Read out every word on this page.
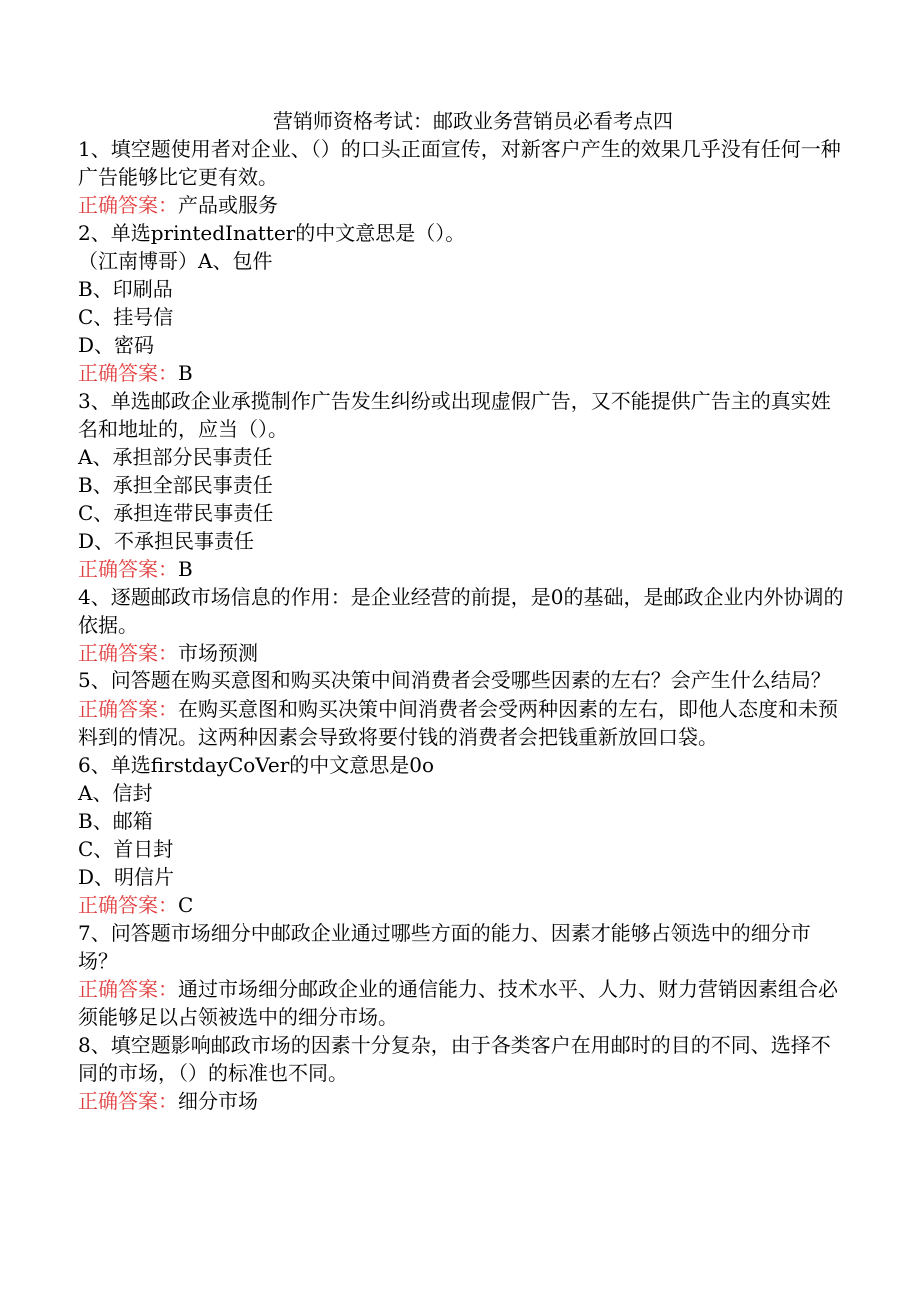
营销师资格考试：邮政业务营销员必看考点四
1、填空题使用者对企业、（）的口头正面宣传，对新客户产生的效果几乎没有任何一种广告能够比它更有效。
正确答案：产品或服务
2、单选printedInatter的中文意思是（）。
（江南博哥）A、包件
B、印刷品
C、挂号信
D、密码
正确答案：B
3、单选邮政企业承揽制作广告发生纠纷或出现虚假广告，又不能提供广告主的真实姓名和地址的，应当（）。
A、承担部分民事责任
B、承担全部民事责任
C、承担连带民事责任
D、不承担民事责任
正确答案：B
4、逐题邮政市场信息的作用：是企业经营的前提，是0的基础，是邮政企业内外协调的依据。
正确答案：市场预测
5、问答题在购买意图和购买决策中间消费者会受哪些因素的左右？会产生什么结局？
正确答案：在购买意图和购买决策中间消费者会受两种因素的左右，即他人态度和未预料到的情况。这两种因素会导致将要付钱的消费者会把钱重新放回口袋。
6、单选firstdayCoVer的中文意思是0o
A、信封
B、邮箱
C、首日封
D、明信片
正确答案：C
7、问答题市场细分中邮政企业通过哪些方面的能力、因素才能够占领选中的细分市场？
正确答案：通过市场细分邮政企业的通信能力、技术水平、人力、财力营销因素组合必须能够足以占领被选中的细分市场。
8、填空题影响邮政市场的因素十分复杂，由于各类客户在用邮时的目的不同、选择不同的市场，（）的标准也不同。
正确答案：细分市场
